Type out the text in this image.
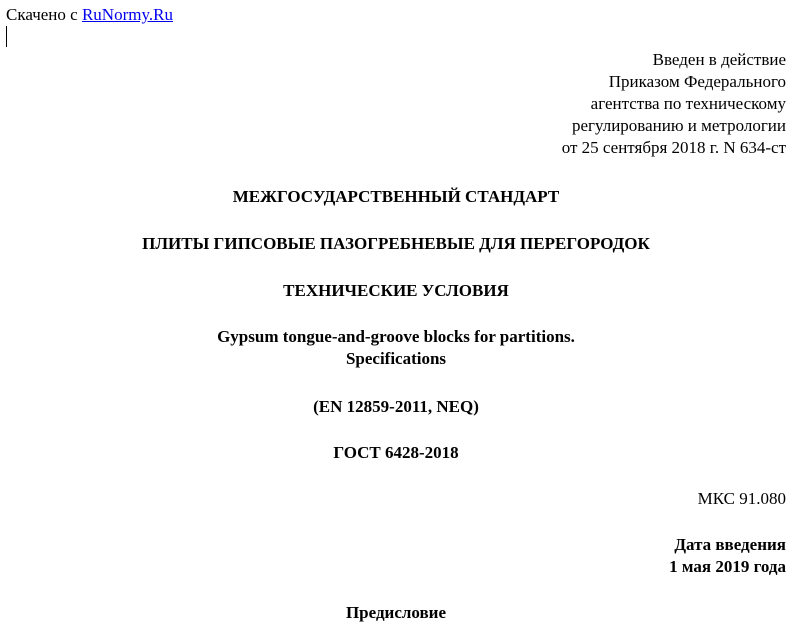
Скачено с RuNormy.Ru
Введен в действие
Приказом Федерального
агентства по техническому
регулированию и метрологии
от 25 сентября 2018 г. N 634-ст
МЕЖГОСУДАРСТВЕННЫЙ СТАНДАРТ
ПЛИТЫ ГИПСОВЫЕ ПАЗОГРЕБНЕВЫЕ ДЛЯ ПЕРЕГОРОДОК
ТЕХНИЧЕСКИЕ УСЛОВИЯ
Gypsum tongue-and-groove blocks for partitions.
Specifications
(EN 12859-2011, NEQ)
ГОСТ 6428-2018
МКС 91.080
Дата введения
1 мая 2019 года
Предисловие
